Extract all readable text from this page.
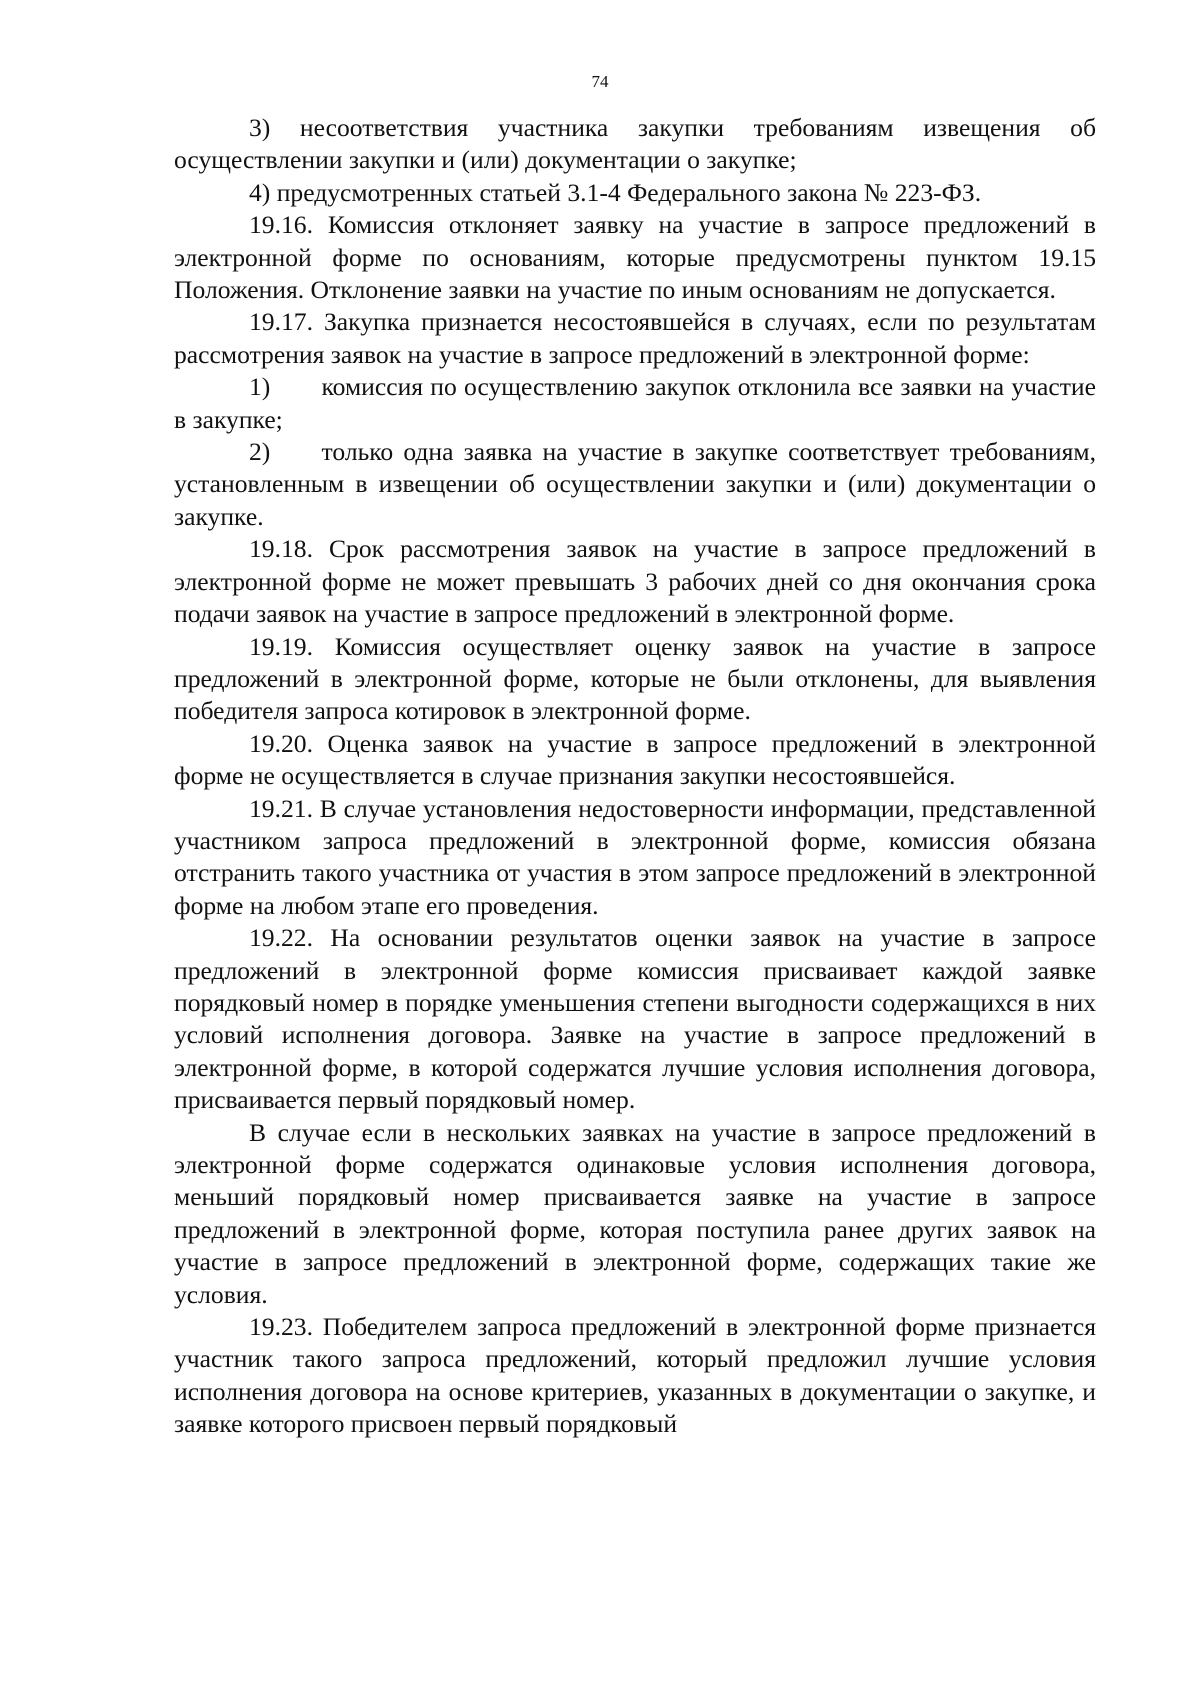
74

3) несоответствия участника закупки требованиям извещения об осуществлении закупки и (или) документации о закупке;

4) предусмотренных статьей 3.1-4 Федерального закона № 223-ФЗ.

19.16. Комиссия отклоняет заявку на участие в запросе предложений в электронной форме по основаниям, которые предусмотрены пунктом 19.15 Положения. Отклонение заявки на участие по иным основаниям не допускается.

19.17. Закупка признается несостоявшейся в случаях, если по результатам рассмотрения заявок на участие в запросе предложений в электронной форме:

1)  комиссия по осуществлению закупок отклонила все заявки на участие в закупке;

2)  только одна заявка на участие в закупке соответствует требованиям, установленным в извещении об осуществлении закупки и (или) документации о закупке.

19.18. Срок рассмотрения заявок на участие в запросе предложений в электронной форме не может превышать 3 рабочих дней со дня окончания срока подачи заявок на участие в запросе предложений в электронной форме.

19.19. Комиссия осуществляет оценку заявок на участие в запросе предложений в электронной форме, которые не были отклонены, для выявления победителя запроса котировок в электронной форме.

19.20. Оценка заявок на участие в запросе предложений в электронной форме не осуществляется в случае признания закупки несостоявшейся.

19.21. В случае установления недостоверности информации, представленной участником запроса предложений в электронной форме, комиссия обязана отстранить такого участника от участия в этом запросе предложений в электронной форме на любом этапе его проведения.

19.22. На основании результатов оценки заявок на участие в запросе предложений в электронной форме комиссия присваивает каждой заявке порядковый номер в порядке уменьшения степени выгодности содержащихся в них условий исполнения договора. Заявке на участие в запросе предложений в электронной форме, в которой содержатся лучшие условия исполнения договора, присваивается первый порядковый номер.

В случае если в нескольких заявках на участие в запросе предложений в электронной форме содержатся одинаковые условия исполнения договора, меньший порядковый номер присваивается заявке на участие в запросе предложений в электронной форме, которая поступила ранее других заявок на участие в запросе предложений в электронной форме, содержащих такие же условия.

19.23. Победителем запроса предложений в электронной форме признается участник такого запроса предложений, который предложил лучшие условия исполнения договора на основе критериев, указанных в документации о закупке, и заявке которого присвоен первый порядковый
